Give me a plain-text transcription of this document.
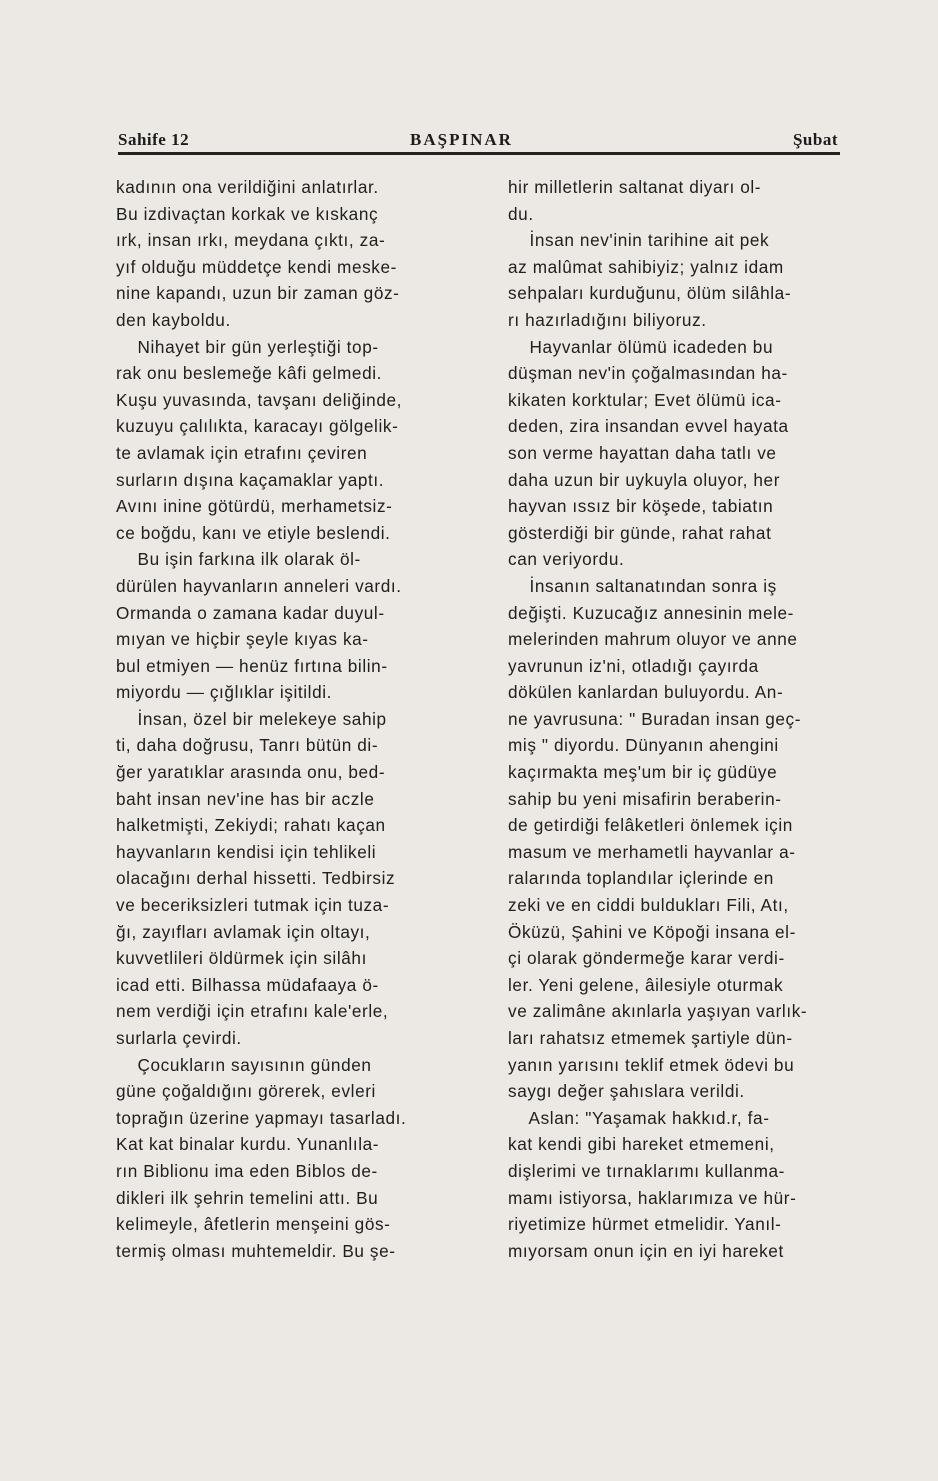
Sahife 12	BAŞPINAR	Şubat
kadının ona verildiğini anlatırlar.
Bu izdivaçtan korkak ve kıskanç
ırk, insan ırkı, meydana çıktı, za-
yıf olduğu müddetçe kendi meske-
nine kapandı, uzun bir zaman göz-
den kayboldu.
Nihayet bir gün yerleştiği top-
rak onu beslemeğe kâfi gelmedi.
Kuşu yuvasında, tavşanı deliğinde,
kuzuyu çalılıkta, karacayı gölgelik-
te avlamak için etrafını çeviren
surların dışına kaçamaklar yaptı.
Avını inine götürdü, merhametsiz-
ce boğdu, kanı ve etiyle beslendi.
Bu işin farkına ilk olarak öl-
dürülen hayvanların anneleri vardı.
Ormanda o zamana kadar duyul-
mıyan ve hiçbir şeyle kıyas ka-
bul etmiyen — henüz fırtına bilin-
miyordu — çığlıklar işitildi.
İnsan, özel bir melekeye sahip
ti, daha doğrusu, Tanrı bütün di-
ğer yaratıklar arasında onu, bed-
baht insan nev'ine has bir aczle
halketmişti, Zekiydi; rahatı kaçan
hayvanların kendisi için tehlikeli
olacağını derhal hissetti. Tedbirsiz
ve beceriksizleri tutmak için tuza-
ğı, zayıfları avlamak için oltayı,
kuvvetlileri öldürmek için silâhı
icad etti. Bilhassa müdafaaya ö-
nem verdiği için etrafını kale'erle,
surlarla çevirdi.
Çocukların sayısının günden
güne çoğaldığını görerek, evleri
toprağın üzerine yapmayı tasarladı.
Kat kat binalar kurdu. Yunanlıla-
rın Biblionu ima eden Biblos de-
dikleri ilk şehrin temelini attı. Bu
kelimeyle, âfetlerin menşeini gös-
termiş olması muhtemeldir. Bu şe-
hir milletlerin saltanat diyarı ol-
du.
İnsan nev'inin tarihine ait pek
az malûmat sahibiyiz; yalnız idam
sehpaları kurduğunu, ölüm silâhla-
rı hazırladığını biliyoruz.
Hayvanlar ölümü icadeden bu
düşman nev'in çoğalmasından ha-
kikaten korktular; Evet ölümü ica-
deden, zira insandan evvel hayata
son verme hayattan daha tatlı ve
daha uzun bir uykuyla oluyor, her
hayvan ıssız bir köşede, tabiatın
gösterdiği bir günde, rahat rahat
can veriyordu.
İnsanın saltanatından sonra iş
değişti. Kuzucağız annesinin mele-
melerinden mahrum oluyor ve anne
yavrunun iz'ni, otladığı çayırda
dökülen kanlardan buluyordu. An-
ne yavrusuna: " Buradan insan geç-
miş " diyordu. Dünyanın ahengini
kaçırmakta meş'um bir iç güdüye
sahip bu yeni misafirin beraberin-
de getirdiği felâketleri önlemek için
masum ve merhametli hayvanlar a-
ralarında toplandılar içlerinde en
zeki ve en ciddi buldukları Fili, Atı,
Öküzü, Şahini ve Köpoği insana el-
çi olarak göndermeğe karar verdi-
ler. Yeni gelene, âilesiyle oturmak
ve zalimâne akınlarla yaşıyan varlık-
ları rahatsız etmemek şartiyle dün-
yanın yarısını teklif etmek ödevi bu
saygı değer şahıslara verildi.
Aslan: "Yaşamak hakkıd.r, fa-
kat kendi gibi hareket etmemeni,
dişlerimi ve tırnaklarımı kullanma-
mamı istiyorsa, haklarımıza ve hür-
riyetimize hürmet etmelidir. Yanıl-
mıyorsam onun için en iyi hareket
